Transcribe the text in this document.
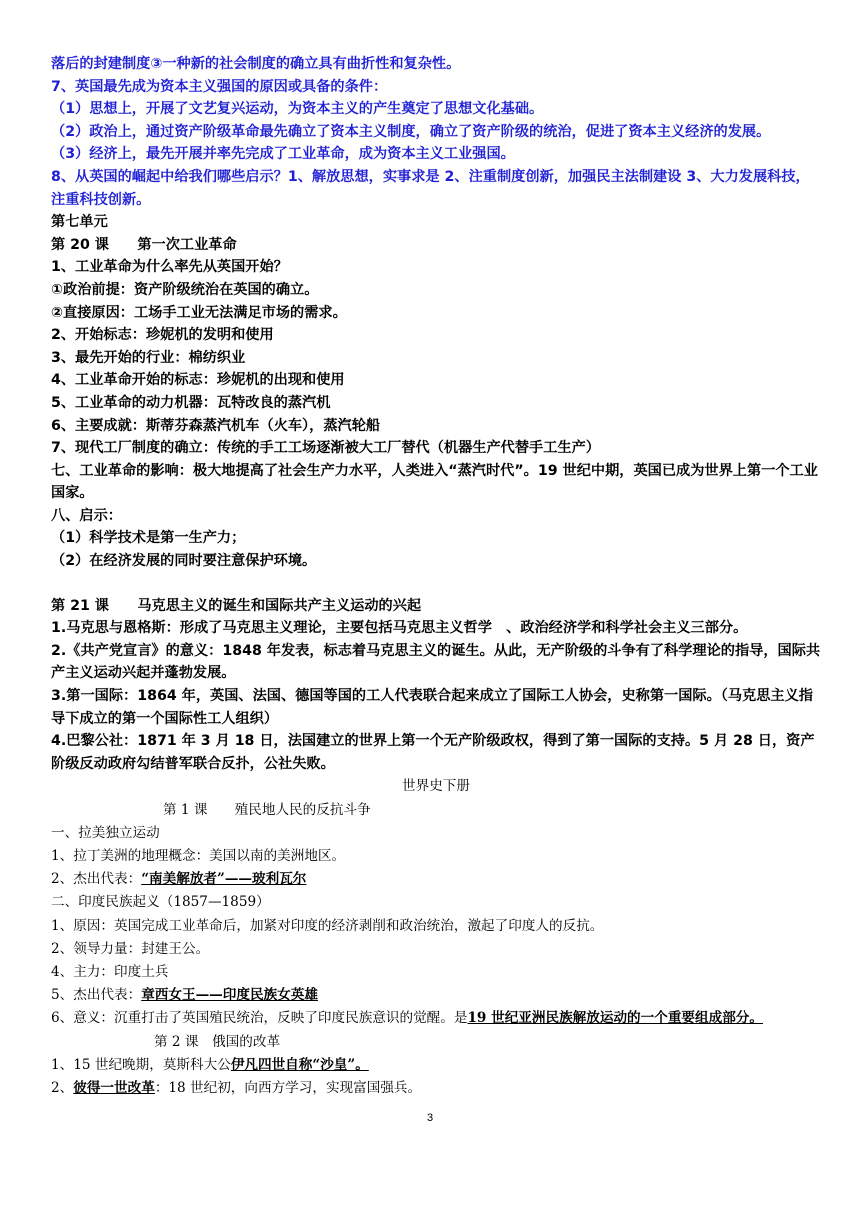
落后的封建制度③一种新的社会制度的确立具有曲折性和复杂性。
7、英国最先成为资本主义强国的原因或具备的条件：
（1）思想上，开展了文艺复兴运动，为资本主义的产生奠定了思想文化基础。
（2）政治上，通过资产阶级革命最先确立了资本主义制度，确立了资产阶级的统治，促进了资本主义经济的发展。
（3）经济上，最先开展并率先完成了工业革命，成为资本主义工业强国。
8、从英国的崛起中给我们哪些启示？1、解放思想，实事求是 2、注重制度创新，加强民主法制建设 3、大力发展科技，注重科技创新。
第七单元
第 20 课　　第一次工业革命
1、工业革命为什么率先从英国开始？
①政治前提：资产阶级统治在英国的确立。
②直接原因：工场手工业无法满足市场的需求。
2、开始标志：珍妮机的发明和使用
3、最先开始的行业：棉纺织业
4、工业革命开始的标志：珍妮机的出现和使用
5、工业革命的动力机器：瓦特改良的蒸汽机
6、主要成就：斯蒂芬森蒸汽机车（火车），蒸汽轮船
7、现代工厂制度的确立：传统的手工工场逐渐被大工厂替代（机器生产代替手工生产）
七、工业革命的影响：极大地提高了社会生产力水平，人类进入“蒸汽时代”。19 世纪中期，英国已成为世界上第一个工业国家。
八、启示：
（1）科学技术是第一生产力；
（2）在经济发展的同时要注意保护环境。
第 21 课　　马克思主义的诞生和国际共产主义运动的兴起
1.马克思与恩格斯：形成了马克思主义理论，主要包括马克思主义哲学　、政治经济学和科学社会主义三部分。
2.《共产党宣言》的意义：1848 年发表，标志着马克思主义的诞生。从此，无产阶级的斗争有了科学理论的指导，国际共产主义运动兴起并蓬勃发展。
3.第一国际：1864 年，英国、法国、德国等国的工人代表联合起来成立了国际工人协会，史称第一国际。（马克思主义指导下成立的第一个国际性工人组织）
4.巴黎公社：1871 年 3 月 18 日，法国建立的世界上第一个无产阶级政权，得到了第一国际的支持。5 月 28 日，资产阶级反动政府勾结普军联合反扑，公社失败。
世界史下册
第 1 课　　殖民地人民的反抗斗争
一、拉美独立运动
1、拉丁美洲的地理概念：美国以南的美洲地区。
2、杰出代表：“南美解放者”——玻利瓦尔
二、印度民族起义（1857—1859）
1、原因：英国完成工业革命后，加紧对印度的经济剥削和政治统治，激起了印度人的反抗。
2、领导力量：封建王公。
4、主力：印度土兵
5、杰出代表：章西女王——印度民族女英雄
6、意义：沉重打击了英国殖民统治，反映了印度民族意识的觉醒。是19 世纪亚洲民族解放运动的一个重要组成部分。
第 2 课　俄国的改革
1、15 世纪晚期，莫斯科大公伊凡四世自称“沙皇”。
2、彼得一世改革：18 世纪初，向西方学习，实现富国强兵。
3
